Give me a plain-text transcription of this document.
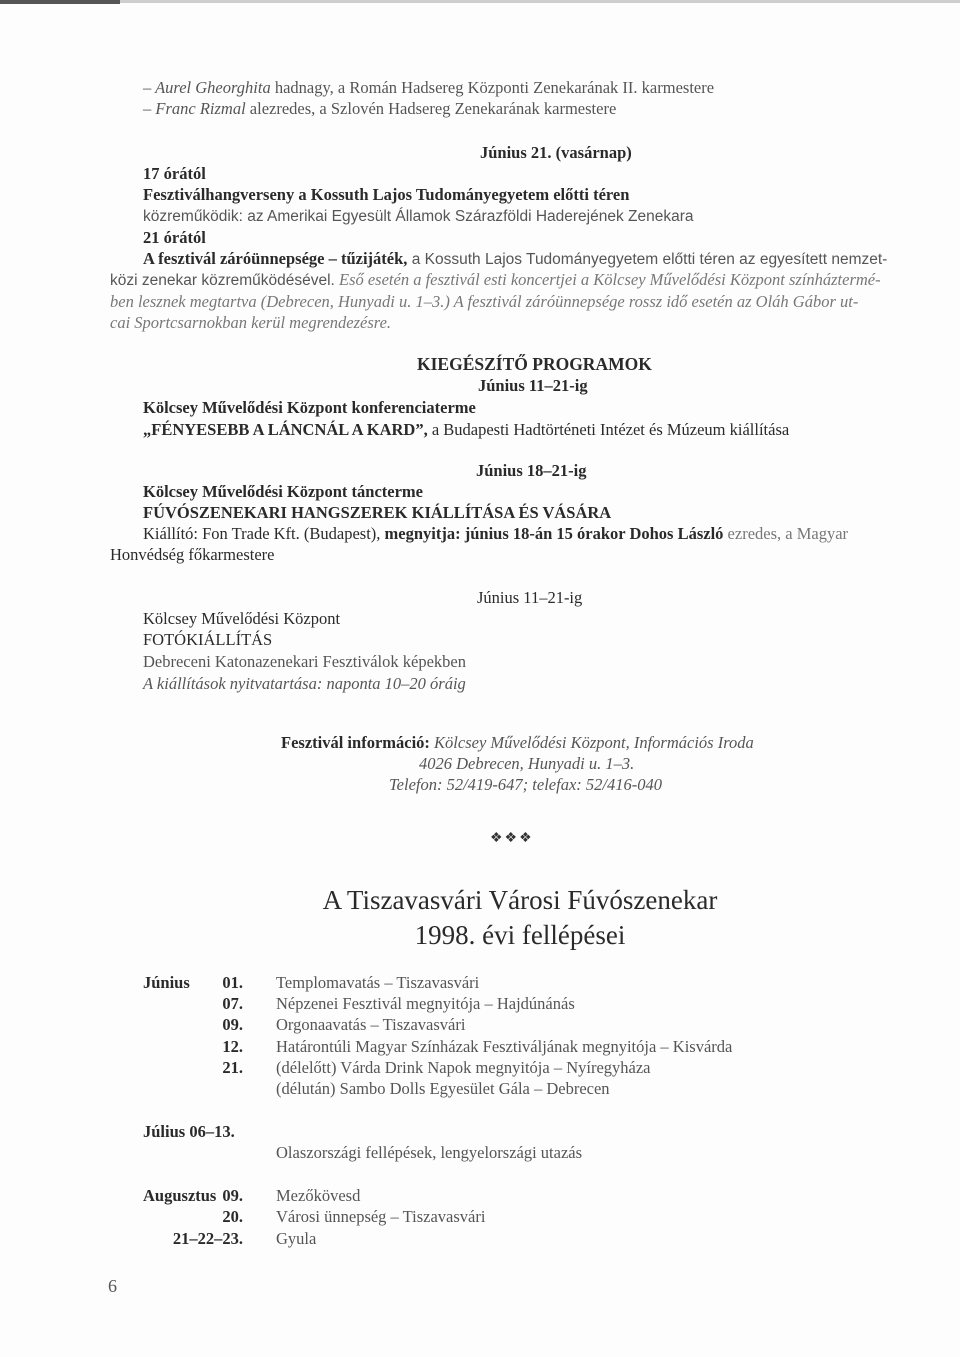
– Aurel Gheorghita hadnagy, a Román Hadsereg Központi Zenekarának II. karmestere
– Franc Rizmal alezredes, a Szlovén Hadsereg Zenekarának karmestere
Június 21. (vasárnap)
17 órától
Fesztiválhangverseny a Kossuth Lajos Tudományegyetem előtti téren
közreműködik: az Amerikai Egyesült Államok Szárazföldi Haderejének Zenekara
21 órától
A fesztivál záróünnepsége – tűzijáték, a Kossuth Lajos Tudományegyetem előtti téren az egyesített nemzet-
közi zenekar közreműködésével. Eső esetén a fesztivál esti koncertjei a Kölcsey Művelődési Központ színháztermé-
ben lesznek megtartva (Debrecen, Hunyadi u. 1–3.) A fesztivál záróünnepsége rossz idő esetén az Oláh Gábor ut-
cai Sportcsarnokban kerül megrendezésre.
KIEGÉSZÍTŐ PROGRAMOK
Június 11–21-ig
Kölcsey Művelődési Központ konferenciaterme
„FÉNYESEBB A LÁNCNÁL A KARD”, a Budapesti Hadtörténeti Intézet és Múzeum kiállítása
Június 18–21-ig
Kölcsey Művelődési Központ táncterme
FÚVÓSZENEKARI HANGSZEREK KIÁLLÍTÁSA ÉS VÁSÁRA
Kiállító: Fon Trade Kft. (Budapest), megnyitja: június 18-án 15 órakor Dohos László ezredes, a Magyar
Honvédség főkarmestere
Június 11–21-ig
Kölcsey Művelődési Központ
FOTÓKIÁLLÍTÁS
Debreceni Katonazenekari Fesztiválok képekben
A kiállítások nyitvatartása: naponta 10–20 óráig
Fesztivál információ: Kölcsey Művelődési Központ, Információs Iroda
4026 Debrecen, Hunyadi u. 1–3.
Telefon: 52/419-647; telefax: 52/416-040
❖❖❖
A Tiszavasvári Városi Fúvószenekar
1998. évi fellépései
Június	01. Templomavatás – Tiszavasvári
07. Népzenei Fesztivál megnyitója – Hajdúnánás
09. Orgonaavatás – Tiszavasvári
12. Határontúli Magyar Színházak Fesztiváljának megnyitója – Kisvárda
21. (délelőtt) Várda Drink Napok megnyitója – Nyíregyháza
(délután) Sambo Dolls Egyesület Gála – Debrecen
Július 06–13.
Olaszországi fellépések, lengyelországi utazás
Augusztus 09. Mezőkövesd
20. Városi ünnepség – Tiszavasvári
21–22–23. Gyula
6
